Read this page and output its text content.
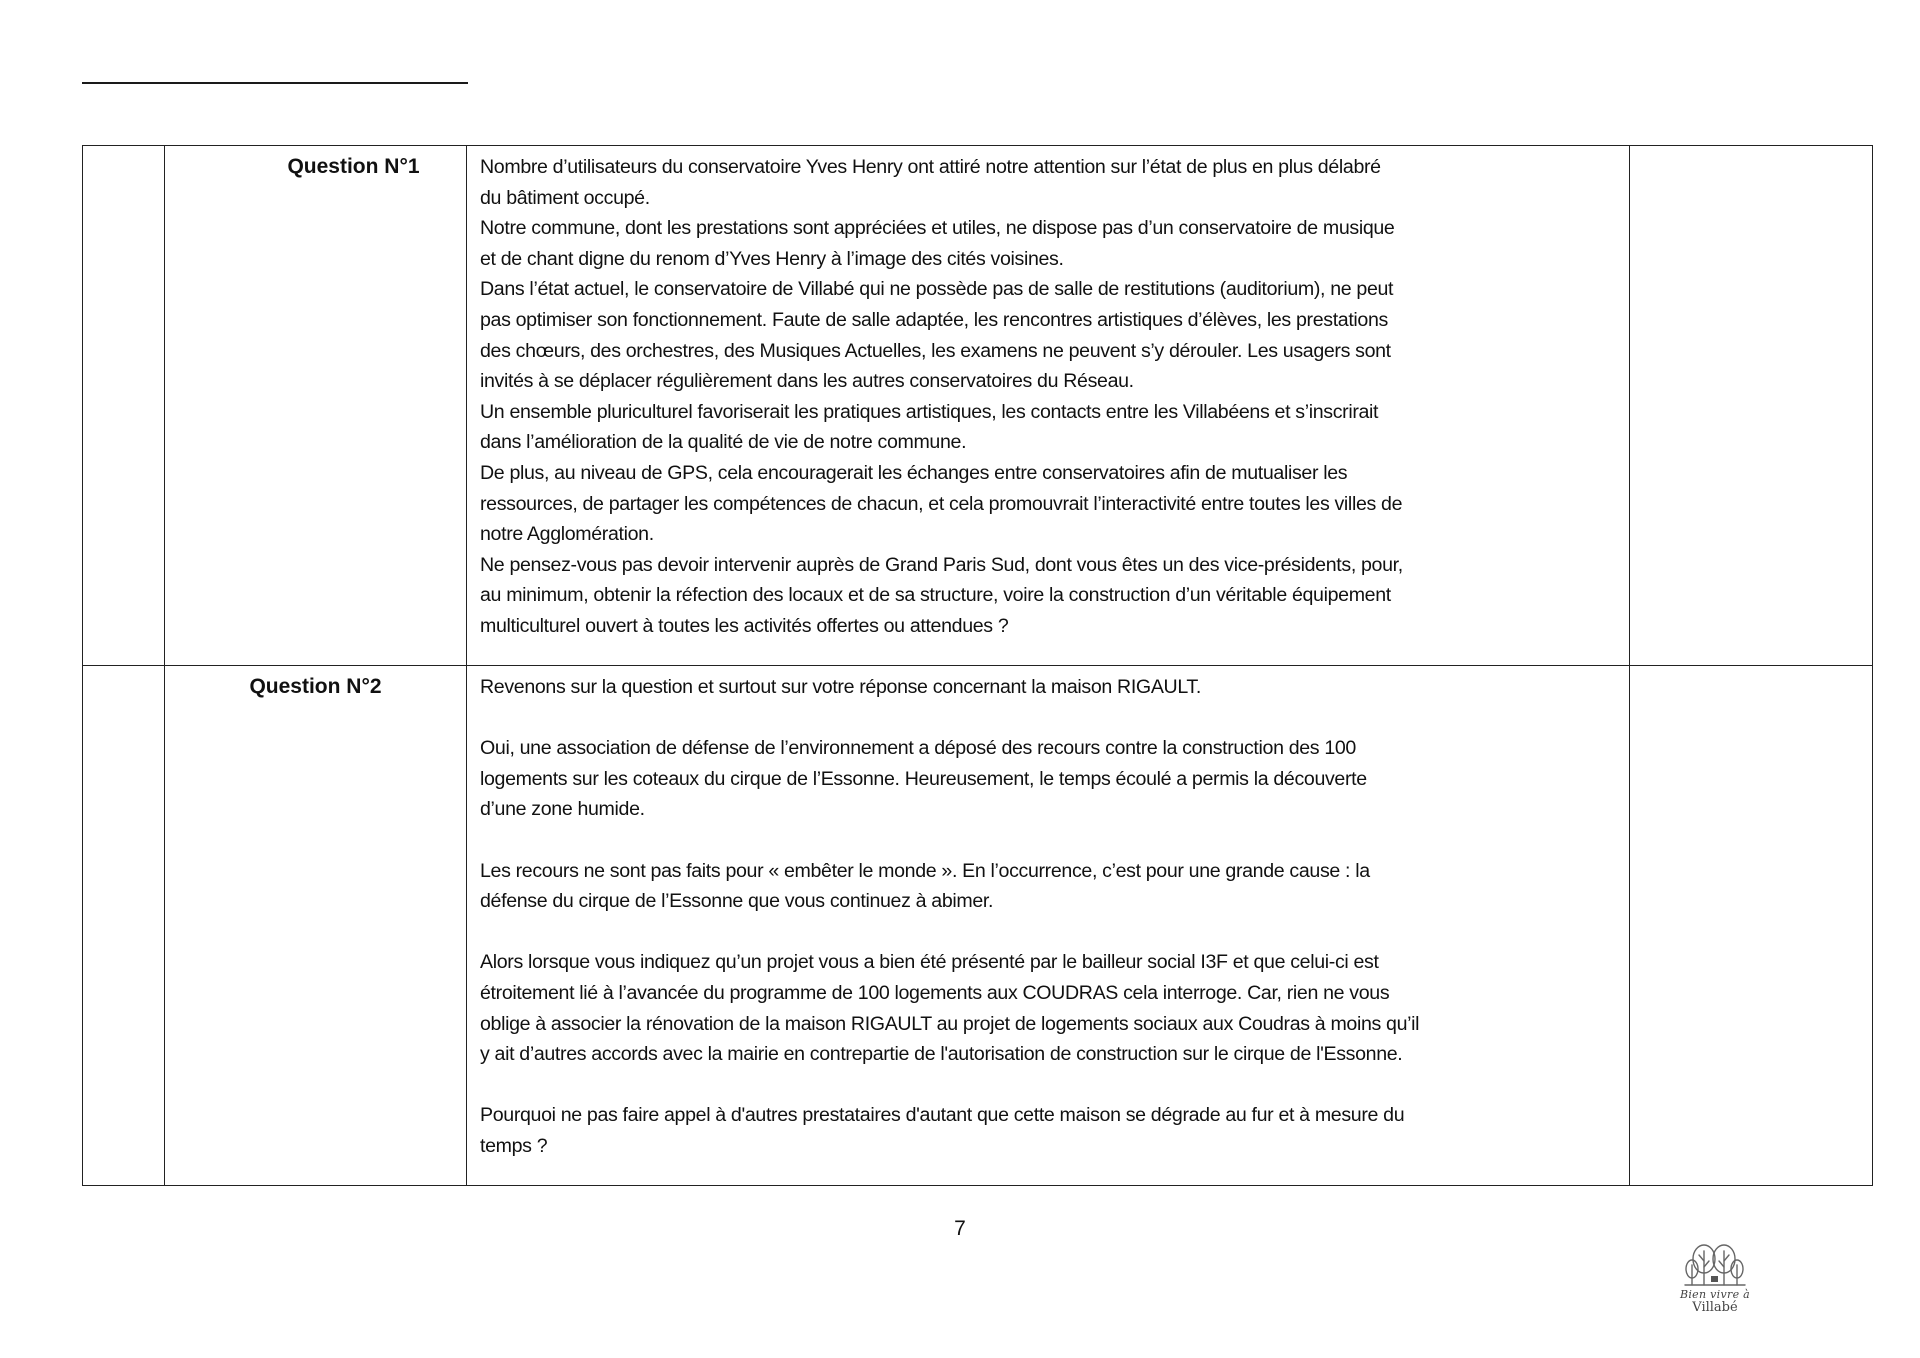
Question N°1	Nombre d’utilisateurs du conservatoire Yves Henry ont attiré notre attention sur l’état de plus en plus délabré
du bâtiment occupé.
Notre commune, dont les prestations sont appréciées et utiles, ne dispose pas d’un conservatoire de musique
et de chant digne du renom d’Yves Henry à l’image des cités voisines.
Dans l’état actuel, le conservatoire de Villabé qui ne possède pas de salle de restitutions (auditorium), ne peut
pas optimiser son fonctionnement. Faute de salle adaptée, les rencontres artistiques d’élèves, les prestations
des chœurs, des orchestres, des Musiques Actuelles, les examens ne peuvent s’y dérouler. Les usagers sont
invités à se déplacer régulièrement dans les autres conservatoires du Réseau.
Un ensemble pluriculturel favoriserait les pratiques artistiques, les contacts entre les Villabéens et s’inscrirait
dans l’amélioration de la qualité de vie de notre commune.
De plus, au niveau de GPS, cela encouragerait les échanges entre conservatoires afin de mutualiser les
ressources, de partager les compétences de chacun, et cela promouvrait l’interactivité entre toutes les villes de
notre Agglomération.
Ne pensez-vous pas devoir intervenir auprès de Grand Paris Sud, dont vous êtes un des vice-présidents, pour,
au minimum, obtenir la réfection des locaux et de sa structure, voire la construction d’un véritable équipement
multiculturel ouvert à toutes les activités offertes ou attendues ?

Question N°2	Revenons sur la question et surtout sur votre réponse concernant la maison RIGAULT.
Oui, une association de défense de l’environnement a déposé des recours contre la construction des 100
logements sur les coteaux du cirque de l’Essonne. Heureusement, le temps écoulé a permis la découverte
d’une zone humide.
Les recours ne sont pas faits pour « embêter le monde ». En l’occurrence, c’est pour une grande cause : la
défense du cirque de l’Essonne que vous continuez à abimer.
Alors lorsque vous indiquez qu’un projet vous a bien été présenté par le bailleur social I3F et que celui-ci est
étroitement lié à l’avancée du programme de 100 logements aux COUDRAS cela interroge. Car, rien ne vous
oblige à associer la rénovation de la maison RIGAULT au projet de logements sociaux aux Coudras à moins qu’il
y ait d’autres accords avec la mairie en contrepartie de l'autorisation de construction sur le cirque de l'Essonne.
Pourquoi ne pas faire appel à d'autres prestataires d'autant que cette maison se dégrade au fur et à mesure du
temps ?

7
Bien vivre à
Villabé
